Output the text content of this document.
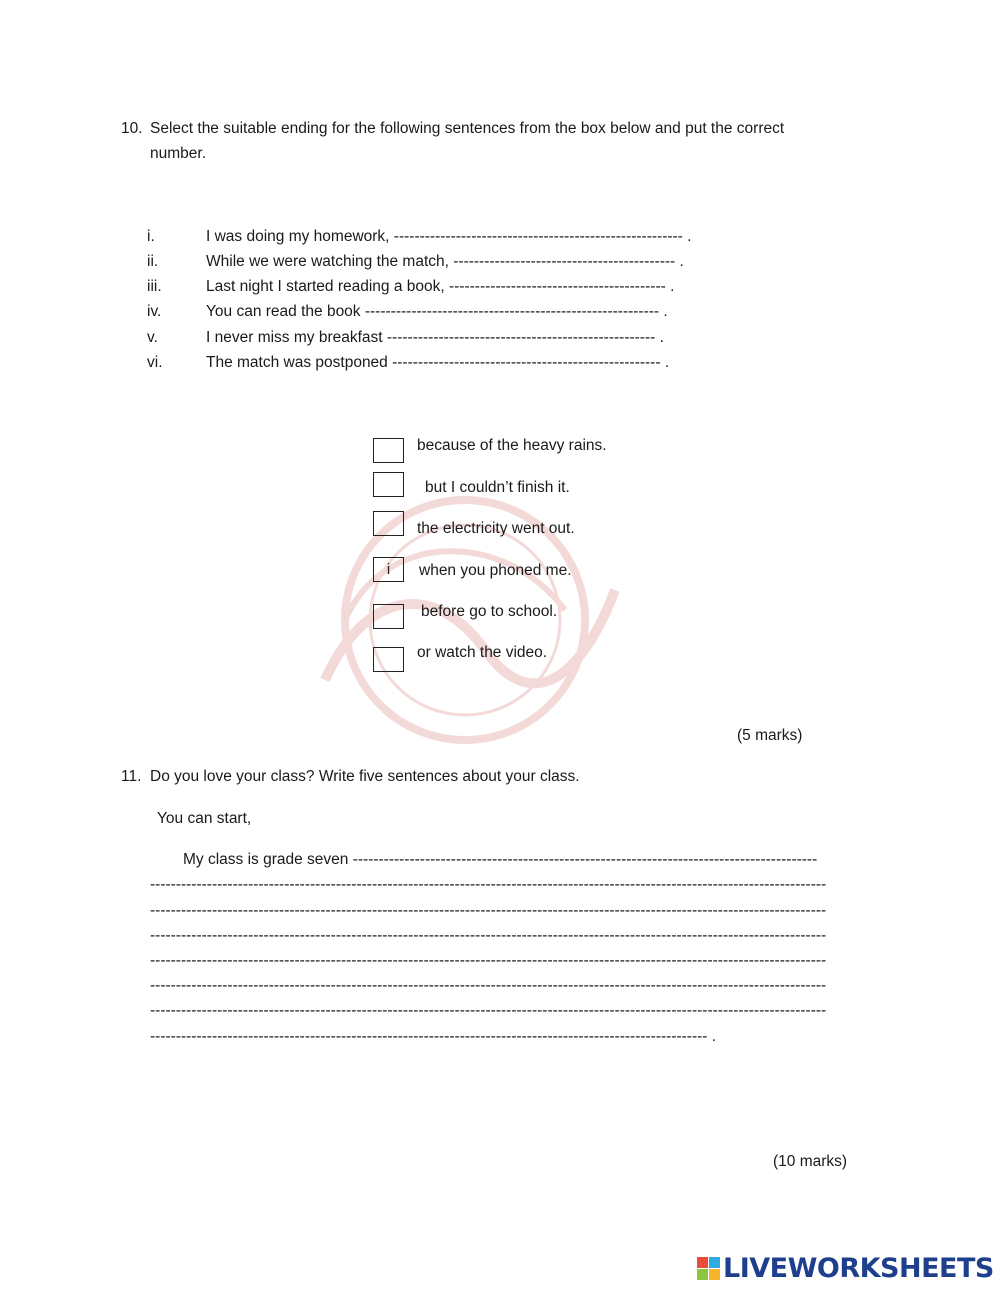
10. Select the suitable ending for the following sentences from the box below and put the correct
number.
i.	I was doing my homework, -------------------------------------------------------- .
ii.	While we were watching the match, ------------------------------------------- .
iii.	Last night I started reading a book, ------------------------------------------ .
iv.	You can read the book --------------------------------------------------------- .
v.	I never miss my breakfast ---------------------------------------------------- .
vi.	The match was postponed ---------------------------------------------------- .
because of the heavy rains.
but I couldn’t finish it.
the electricity went out.
i	when you phoned me.
before go to school.
or watch the video.
(5 marks)
11. Do you love your class? Write five sentences about your class.
You can start,
My class is grade seven ------------------------------------------------------------------------------------------
-----------------------------------------------------------------------------------------------------------------------------------
-----------------------------------------------------------------------------------------------------------------------------------
-----------------------------------------------------------------------------------------------------------------------------------
-----------------------------------------------------------------------------------------------------------------------------------
-----------------------------------------------------------------------------------------------------------------------------------
-----------------------------------------------------------------------------------------------------------------------------------
------------------------------------------------------------------------------------------------------------ .
(10 marks)
LIVEWORKSHEETS
